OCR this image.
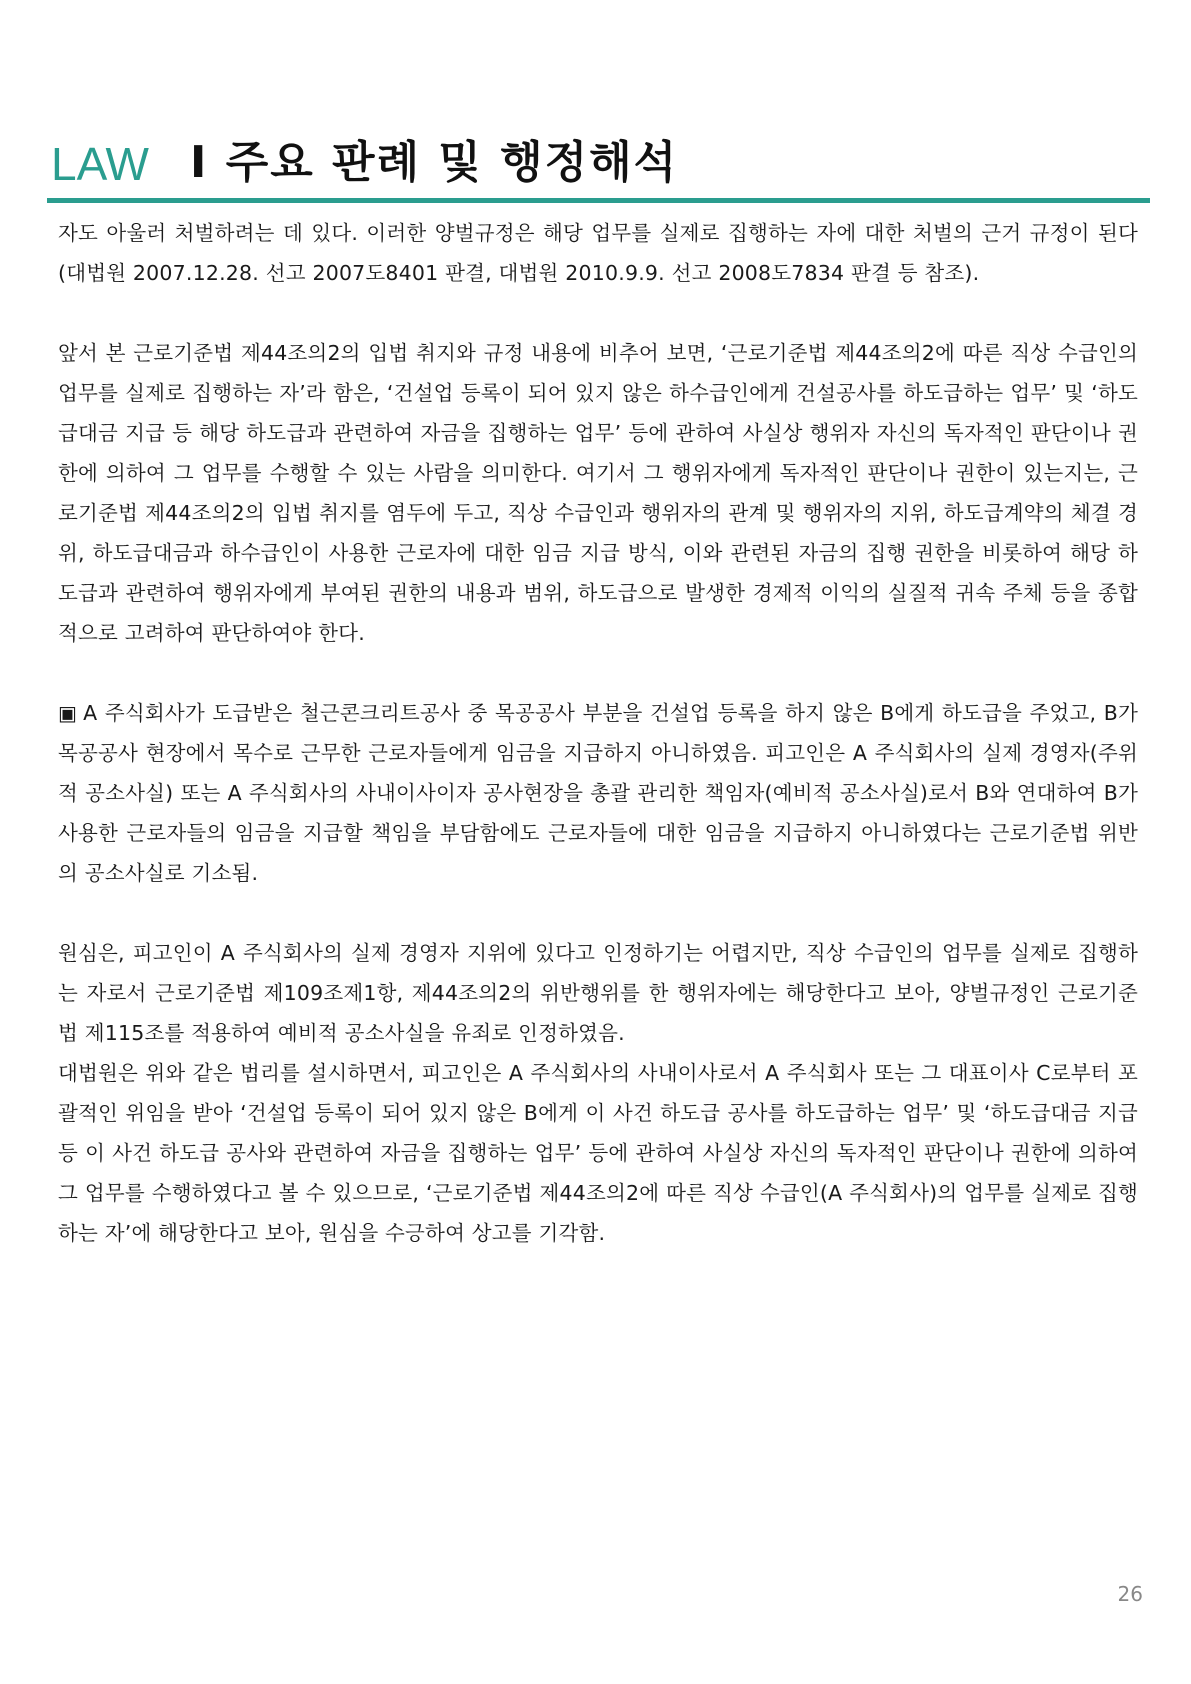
LAW I 주요 판례 및 행정해석

자도 아울러 처벌하려는 데 있다. 이러한 양벌규정은 해당 업무를 실제로 집행하는 자에 대한 처벌의 근거 규정이 된다(대법원 2007.12.28. 선고 2007도8401 판결, 대법원 2010.9.9. 선고 2008도7834 판결 등 참조).

앞서 본 근로기준법 제44조의2의 입법 취지와 규정 내용에 비추어 보면, ‘근로기준법 제44조의2에 따른 직상 수급인의 업무를 실제로 집행하는 자’라 함은, ‘건설업 등록이 되어 있지 않은 하수급인에게 건설공사를 하도급하는 업무’ 및 ‘하도급대금 지급 등 해당 하도급과 관련하여 자금을 집행하는 업무’ 등에 관하여 사실상 행위자 자신의 독자적인 판단이나 권한에 의하여 그 업무를 수행할 수 있는 사람을 의미한다. 여기서 그 행위자에게 독자적인 판단이나 권한이 있는지는, 근로기준법 제44조의2의 입법 취지를 염두에 두고, 직상 수급인과 행위자의 관계 및 행위자의 지위, 하도급계약의 체결 경위, 하도급대금과 하수급인이 사용한 근로자에 대한 임금 지급 방식, 이와 관련된 자금의 집행 권한을 비롯하여 해당 하도급과 관련하여 행위자에게 부여된 권한의 내용과 범위, 하도급으로 발생한 경제적 이익의 실질적 귀속 주체 등을 종합적으로 고려하여 판단하여야 한다.

▣ A 주식회사가 도급받은 철근콘크리트공사 중 목공공사 부분을 건설업 등록을 하지 않은 B에게 하도급을 주었고, B가 목공공사 현장에서 목수로 근무한 근로자들에게 임금을 지급하지 아니하였음. 피고인은 A 주식회사의 실제 경영자(주위적 공소사실) 또는 A 주식회사의 사내이사이자 공사현장을 총괄 관리한 책임자(예비적 공소사실)로서 B와 연대하여 B가 사용한 근로자들의 임금을 지급할 책임을 부담함에도 근로자들에 대한 임금을 지급하지 아니하였다는 근로기준법 위반의 공소사실로 기소됨.

원심은, 피고인이 A 주식회사의 실제 경영자 지위에 있다고 인정하기는 어렵지만, 직상 수급인의 업무를 실제로 집행하는 자로서 근로기준법 제109조제1항, 제44조의2의 위반행위를 한 행위자에는 해당한다고 보아, 양벌규정인 근로기준법 제115조를 적용하여 예비적 공소사실을 유죄로 인정하였음.

대법원은 위와 같은 법리를 설시하면서, 피고인은 A 주식회사의 사내이사로서 A 주식회사 또는 그 대표이사 C로부터 포괄적인 위임을 받아 ‘건설업 등록이 되어 있지 않은 B에게 이 사건 하도급 공사를 하도급하는 업무’ 및 ‘하도급대금 지급 등 이 사건 하도급 공사와 관련하여 자금을 집행하는 업무’ 등에 관하여 사실상 자신의 독자적인 판단이나 권한에 의하여 그 업무를 수행하였다고 볼 수 있으므로, ‘근로기준법 제44조의2에 따른 직상 수급인(A 주식회사)의 업무를 실제로 집행하는 자’에 해당한다고 보아, 원심을 수긍하여 상고를 기각함.

26
